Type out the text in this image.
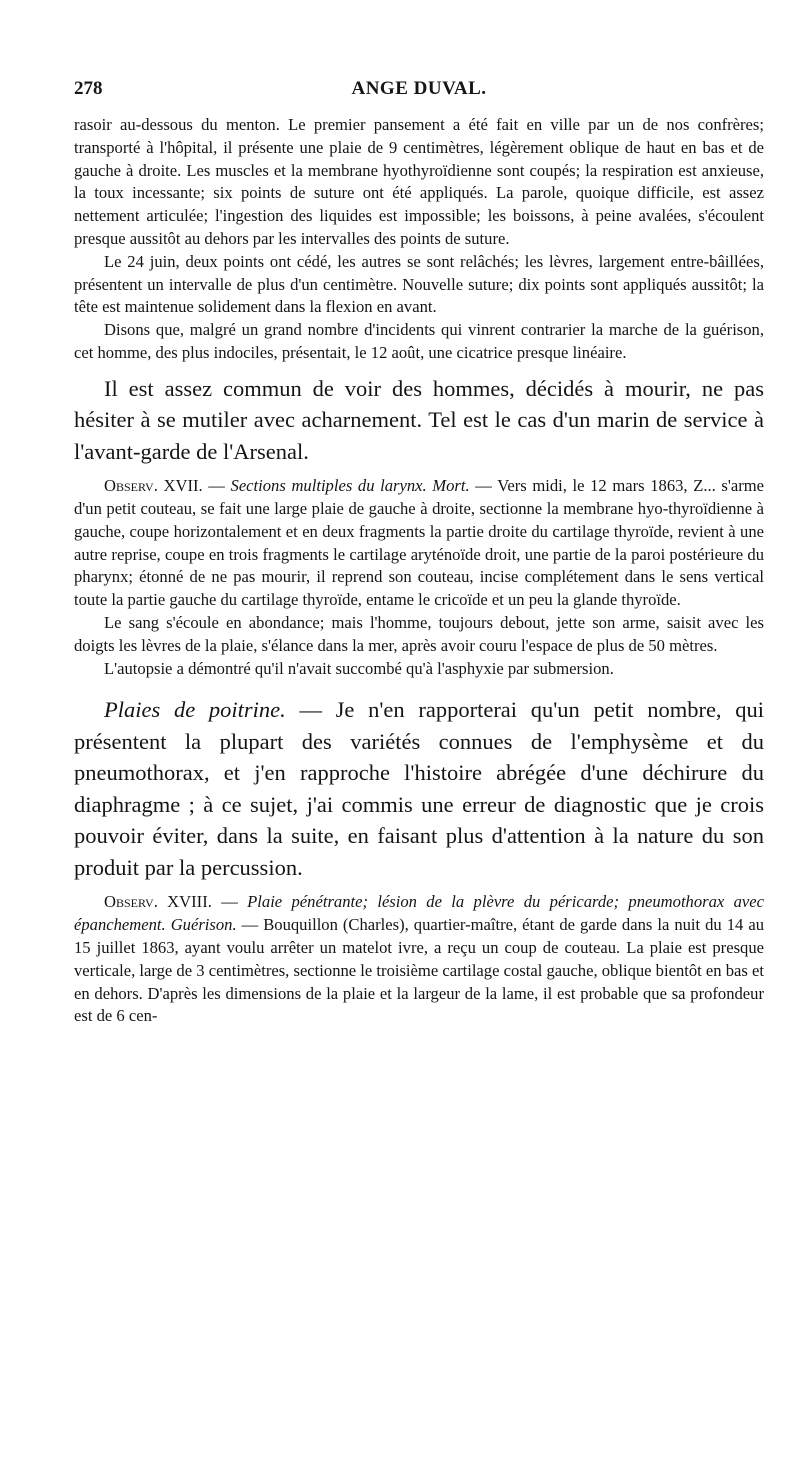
278	ANGE DUVAL.

rasoir au-dessous du menton. Le premier pansement a été fait en ville par un de nos confrères; transporté à l'hôpital, il présente une plaie de 9 centimètres, légèrement oblique de haut en bas et de gauche à droite. Les muscles et la membrane hyothyroïdienne sont coupés; la respiration est anxieuse, la toux incessante; six points de suture ont été appliqués. La parole, quoique difficile, est assez nettement articulée; l'ingestion des liquides est impossible; les boissons, à peine avalées, s'écoulent presque aussitôt au dehors par les intervalles des points de suture.

Le 24 juin, deux points ont cédé, les autres se sont relâchés; les lèvres, largement entre-bâillées, présentent un intervalle de plus d'un centimètre. Nouvelle suture; dix points sont appliqués aussitôt; la tête est maintenue solidement dans la flexion en avant.

Disons que, malgré un grand nombre d'incidents qui vinrent contrarier la marche de la guérison, cet homme, des plus indociles, présentait, le 12 août, une cicatrice presque linéaire.

Il est assez commun de voir des hommes, décidés à mourir, ne pas hésiter à se mutiler avec acharnement. Tel est le cas d'un marin de service à l'avant-garde de l'Arsenal.

Observ. XVII. — Sections multiples du larynx. Mort. — Vers midi, le 12 mars 1863, Z... s'arme d'un petit couteau, se fait une large plaie de gauche à droite, sectionne la membrane hyo-thyroïdienne à gauche, coupe horizontalement et en deux fragments la partie droite du cartilage thyroïde, revient à une autre reprise, coupe en trois fragments le cartilage aryténoïde droit, une partie de la paroi postérieure du pharynx; étonné de ne pas mourir, il reprend son couteau, incise complétement dans le sens vertical toute la partie gauche du cartilage thyroïde, entame le cricoïde et un peu la glande thyroïde.

Le sang s'écoule en abondance; mais l'homme, toujours debout, jette son arme, saisit avec les doigts les lèvres de la plaie, s'élance dans la mer, après avoir couru l'espace de plus de 50 mètres.

L'autopsie a démontré qu'il n'avait succombé qu'à l'asphyxie par submersion.

Plaies de poitrine. — Je n'en rapporterai qu'un petit nombre, qui présentent la plupart des variétés connues de l'emphysème et du pneumothorax, et j'en rapproche l'histoire abrégée d'une déchirure du diaphragme ; à ce sujet, j'ai commis une erreur de diagnostic que je crois pouvoir éviter, dans la suite, en faisant plus d'attention à la nature du son produit par la percussion.

Observ. XVIII. — Plaie pénétrante; lésion de la plèvre du péricarde; pneumothorax avec épanchement. Guérison. — Bouquillon (Charles), quartier-maître, étant de garde dans la nuit du 14 au 15 juillet 1863, ayant voulu arrêter un matelot ivre, a reçu un coup de couteau. La plaie est presque verticale, large de 3 centimètres, sectionne le troisième cartilage costal gauche, oblique bientôt en bas et en dehors. D'après les dimensions de la plaie et la largeur de la lame, il est probable que sa profondeur est de 6 cen-
